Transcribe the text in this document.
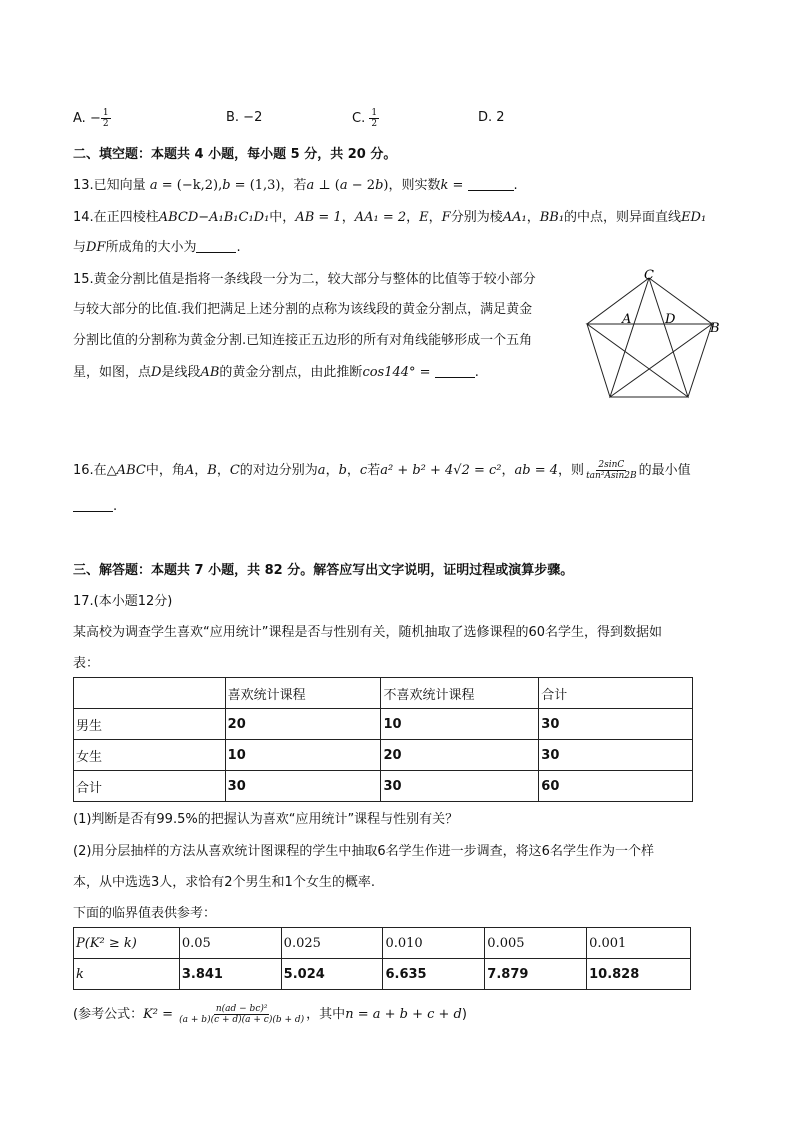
A. − $\frac{1}{2}$	B. −2	C. $\frac{1}{2}$	D. 2
二、填空题：本题共 4 小题，每小题 5 分，共 20 分。
13.已知向量 a = (−k,2),b = (1,3)，若a ⊥ (a − 2b)，则实数k =	.
14.在正四棱柱ABCD−A₁B₁C₁D₁中，AB = 1，AA₁ = 2，E，F分别为棱AA₁，BB₁的中点，则异面直线ED₁
与DF所成角的大小为	.
15.黄金分割比值是指将一条线段一分为二，较大部分与整体的比值等于较小部分
与较大部分的比值.我们把满足上述分割的点称为该线段的黄金分割点，满足黄金
分割比值的分割称为黄金分割.已知连接正五边形的所有对角线能够形成一个五角
星，如图，点D是线段AB的黄金分割点，由此推断cos144° =	.
C
A	D
B
16.在△ABC中，角A，B，C的对边分别为a，b，c若a² + b² + 4√2 = c²，ab = 4，则 $\frac{2\sin C}{\text{tan²Asin2B}}$ 的最小值
.
三、解答题：本题共 7 小题，共 82 分。解答应写出文字说明，证明过程或演算步骤。
17.(本小题12分)
某高校为调查学生喜欢“应用统计”课程是否与性别有关，随机抽取了选修课程的60名学生，得到数据如
表：
	喜欢统计课程	不喜欢统计课程	合计
男生	20	10	30
女生	10	20	30
合计	30	30	60
(1)判断是否有99.5%的把握认为喜欢“应用统计”课程与性别有关？
(2)用分层抽样的方法从喜欢统计图课程的学生中抽取6名学生作进一步调查，将这6名学生作为一个样
本，从中选选3人，求恰有2个男生和1个女生的概率.
下面的临界值表供参考：
P(K² ≥ k)	0.05	0.025	0.010	0.005	0.001
k	3.841	5.024	6.635	7.879	10.828
(参考公式：$K^2 = \frac{\text{n(ad − bc)²}}{(a + b)(c + d)(a + c)(b + d)}$ ，其中n = a + b + c + d)
